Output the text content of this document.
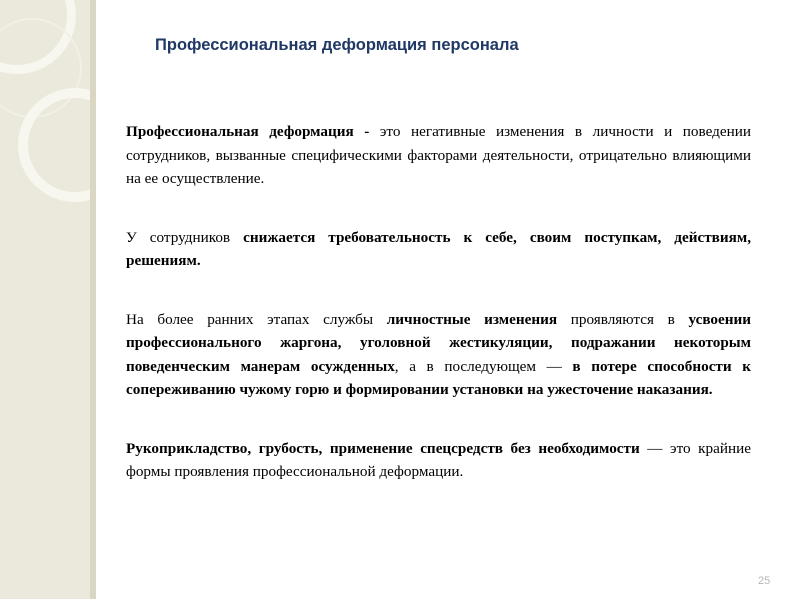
Профессиональная деформация персонала

Профессиональная деформация - это негативные изменения в личности и поведении сотрудников, вызванные специфическими факторами деятельности, отрицательно влияющими на ее осуществление.

У сотрудников снижается требовательность к себе, своим поступкам, действиям, решениям.

На более ранних этапах службы личностные изменения проявляются в усвоении профессионального жаргона, уголовной жестикуляции, подражании некоторым поведенческим манерам осужденных, а в последующем — в потере способности к сопереживанию чужому горю и формировании установки на ужесточение наказания.

Рукоприкладство, грубость, применение спецсредств без необходимости — это крайние формы проявления профессиональной деформации.

25
